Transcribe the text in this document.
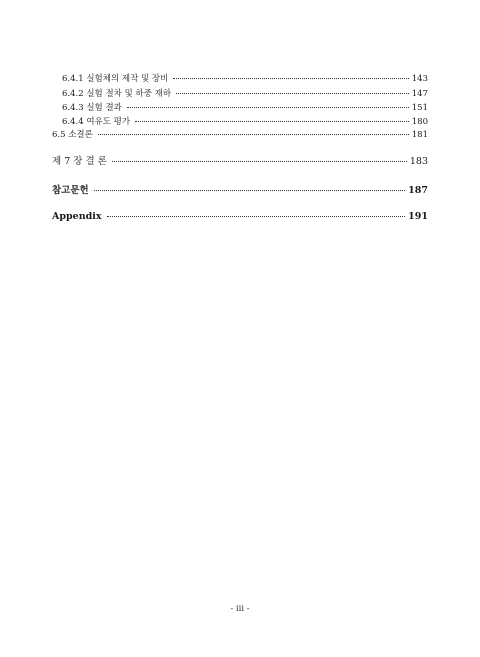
6.4.1 실험체의 제작 및 장비	143
6.4.2 실험 절차 및 하중 재하	147
6.4.3 실험 결과	151
6.4.4 여유도 평가	180
6.5 소결론	181
제 7 장 결 론	183
참고문헌	187
Appendix	191
- iii -
